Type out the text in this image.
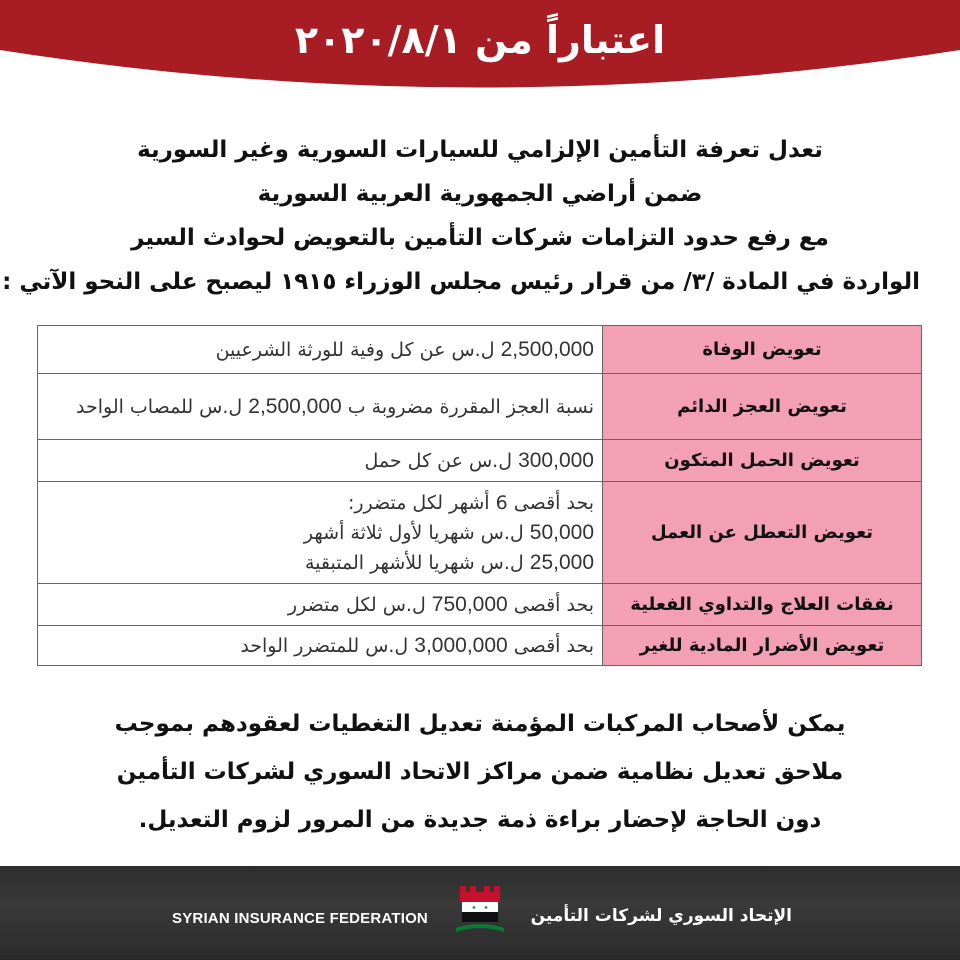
اعتباراً من ٢٠٢٠/٨/١
تعدل تعرفة التأمين الإلزامي للسيارات السورية وغير السورية
ضمن أراضي الجمهورية العربية السورية
مع رفع حدود التزامات شركات التأمين بالتعويض لحوادث السير
الواردة في المادة /٣/ من قرار رئيس مجلس الوزراء ١٩١٥ ليصبح على النحو الآتي :
تعويض الوفاة	2,500,000 ل.س عن كل وفية للورثة الشرعيين
تعويض العجز الدائم	نسبة العجز المقررة مضروبة ب 2,500,000 ل.س للمصاب الواحد
تعويض الحمل المتكون	300,000 ل.س عن كل حمل
تعويض التعطل عن العمل	بحد أقصى 6 أشهر لكل متضرر:
50,000 ل.س شهريا لأول ثلاثة أشهر
25,000 ل.س شهريا للأشهر المتبقية

نفقات العلاج والتداوي الفعلية	بحد أقصى 750,000 ل.س لكل متضرر
تعويض الأضرار المادية للغير	بحد أقصى 3,000,000 ل.س للمتضرر الواحد
يمكن لأصحاب المركبات المؤمنة تعديل التغطيات لعقودهم بموجب
ملاحق تعديل نظامية ضمن مراكز الاتحاد السوري لشركات التأمين
دون الحاجة لإحضار براءة ذمة جديدة من المرور لزوم التعديل.
SYRIAN INSURANCE FEDERATION	الإتحاد السوري لشركات التأمين
